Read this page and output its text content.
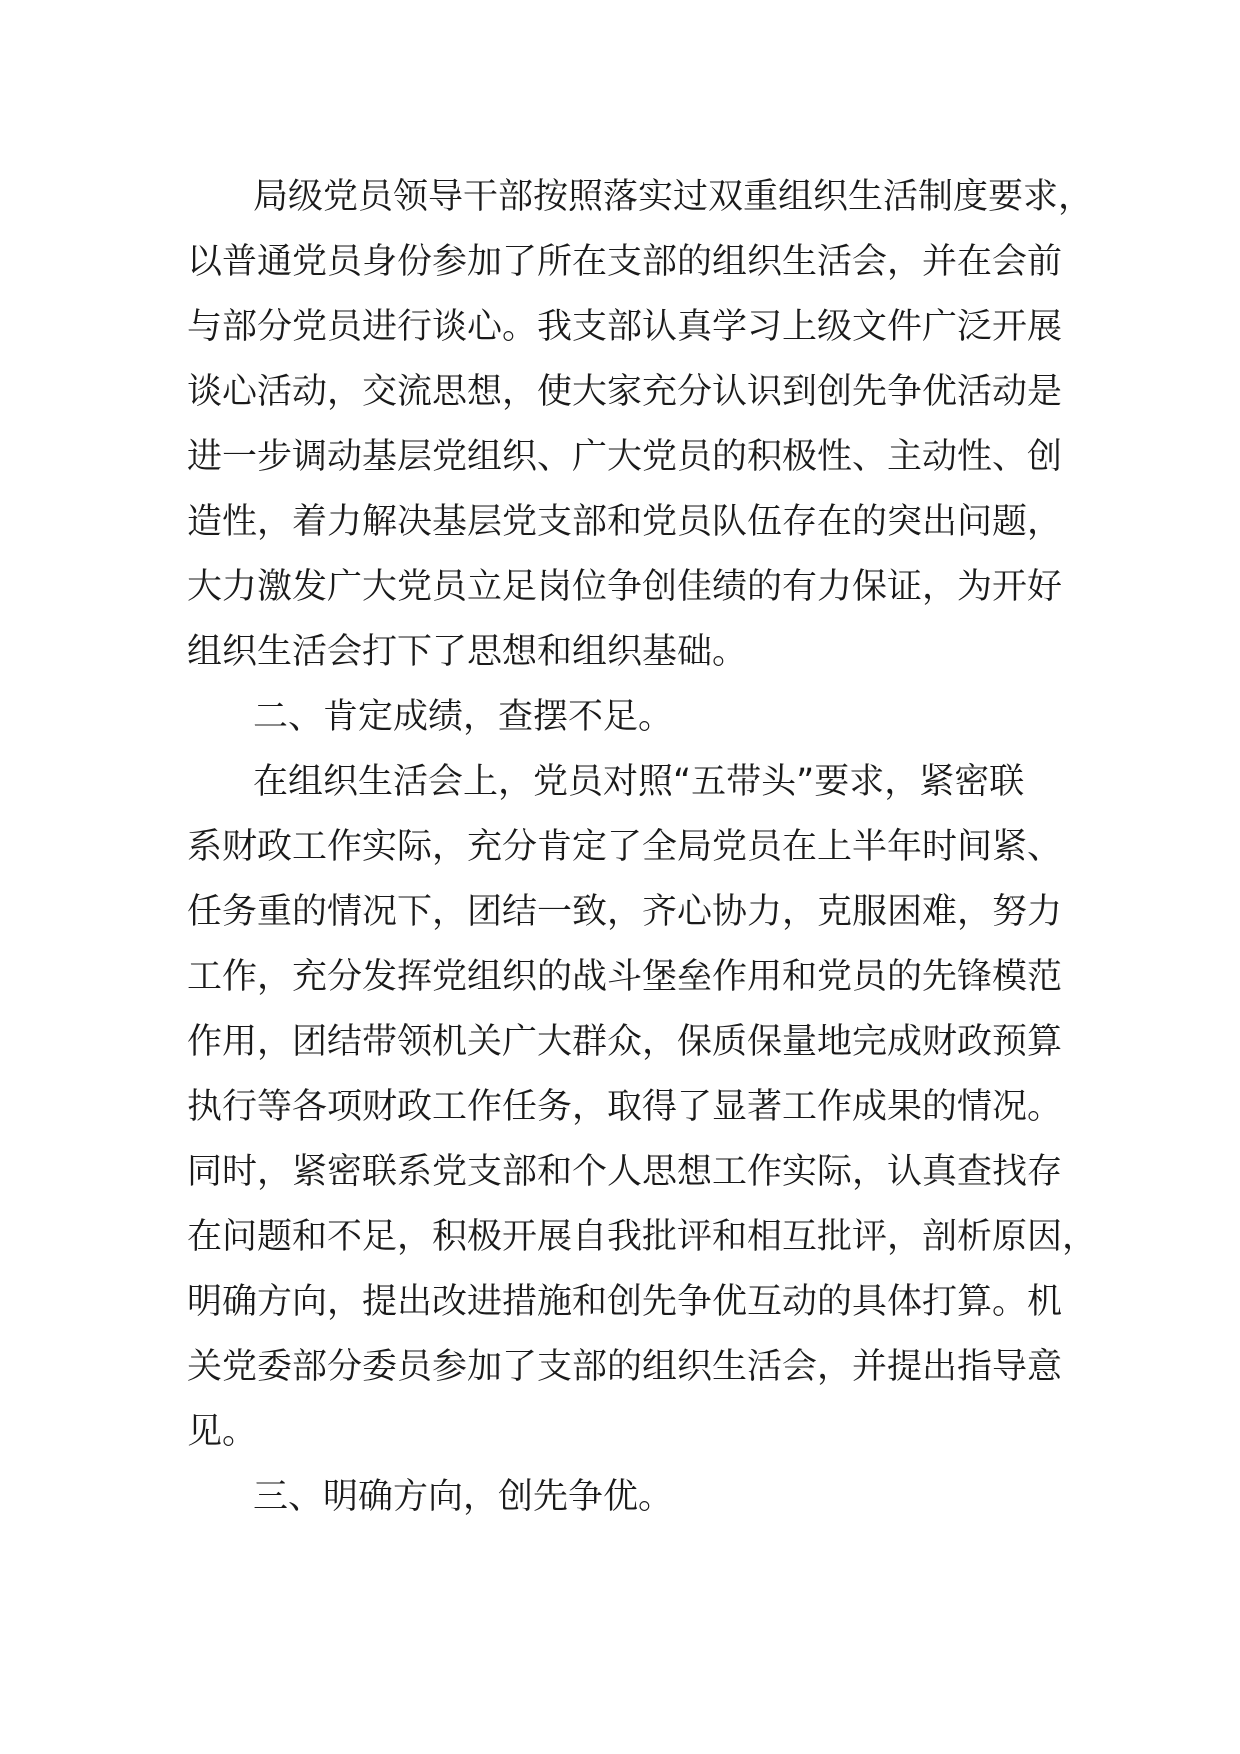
局级党员领导干部按照落实过双重组织生活制度要求，
以普通党员身份参加了所在支部的组织生活会，并在会前
与部分党员进行谈心。我支部认真学习上级文件广泛开展
谈心活动，交流思想，使大家充分认识到创先争优活动是
进一步调动基层党组织、广大党员的积极性、主动性、创
造性，着力解决基层党支部和党员队伍存在的突出问题，
大力激发广大党员立足岗位争创佳绩的有力保证，为开好
组织生活会打下了思想和组织基础。
二、肯定成绩，查摆不足。
在组织生活会上，党员对照“五带头”要求，紧密联
系财政工作实际，充分肯定了全局党员在上半年时间紧、
任务重的情况下，团结一致，齐心协力，克服困难，努力
工作，充分发挥党组织的战斗堡垒作用和党员的先锋模范
作用，团结带领机关广大群众，保质保量地完成财政预算
执行等各项财政工作任务，取得了显著工作成果的情况。
同时，紧密联系党支部和个人思想工作实际，认真查找存
在问题和不足，积极开展自我批评和相互批评，剖析原因，
明确方向，提出改进措施和创先争优互动的具体打算。机
关党委部分委员参加了支部的组织生活会，并提出指导意
见。
三、明确方向，创先争优。
